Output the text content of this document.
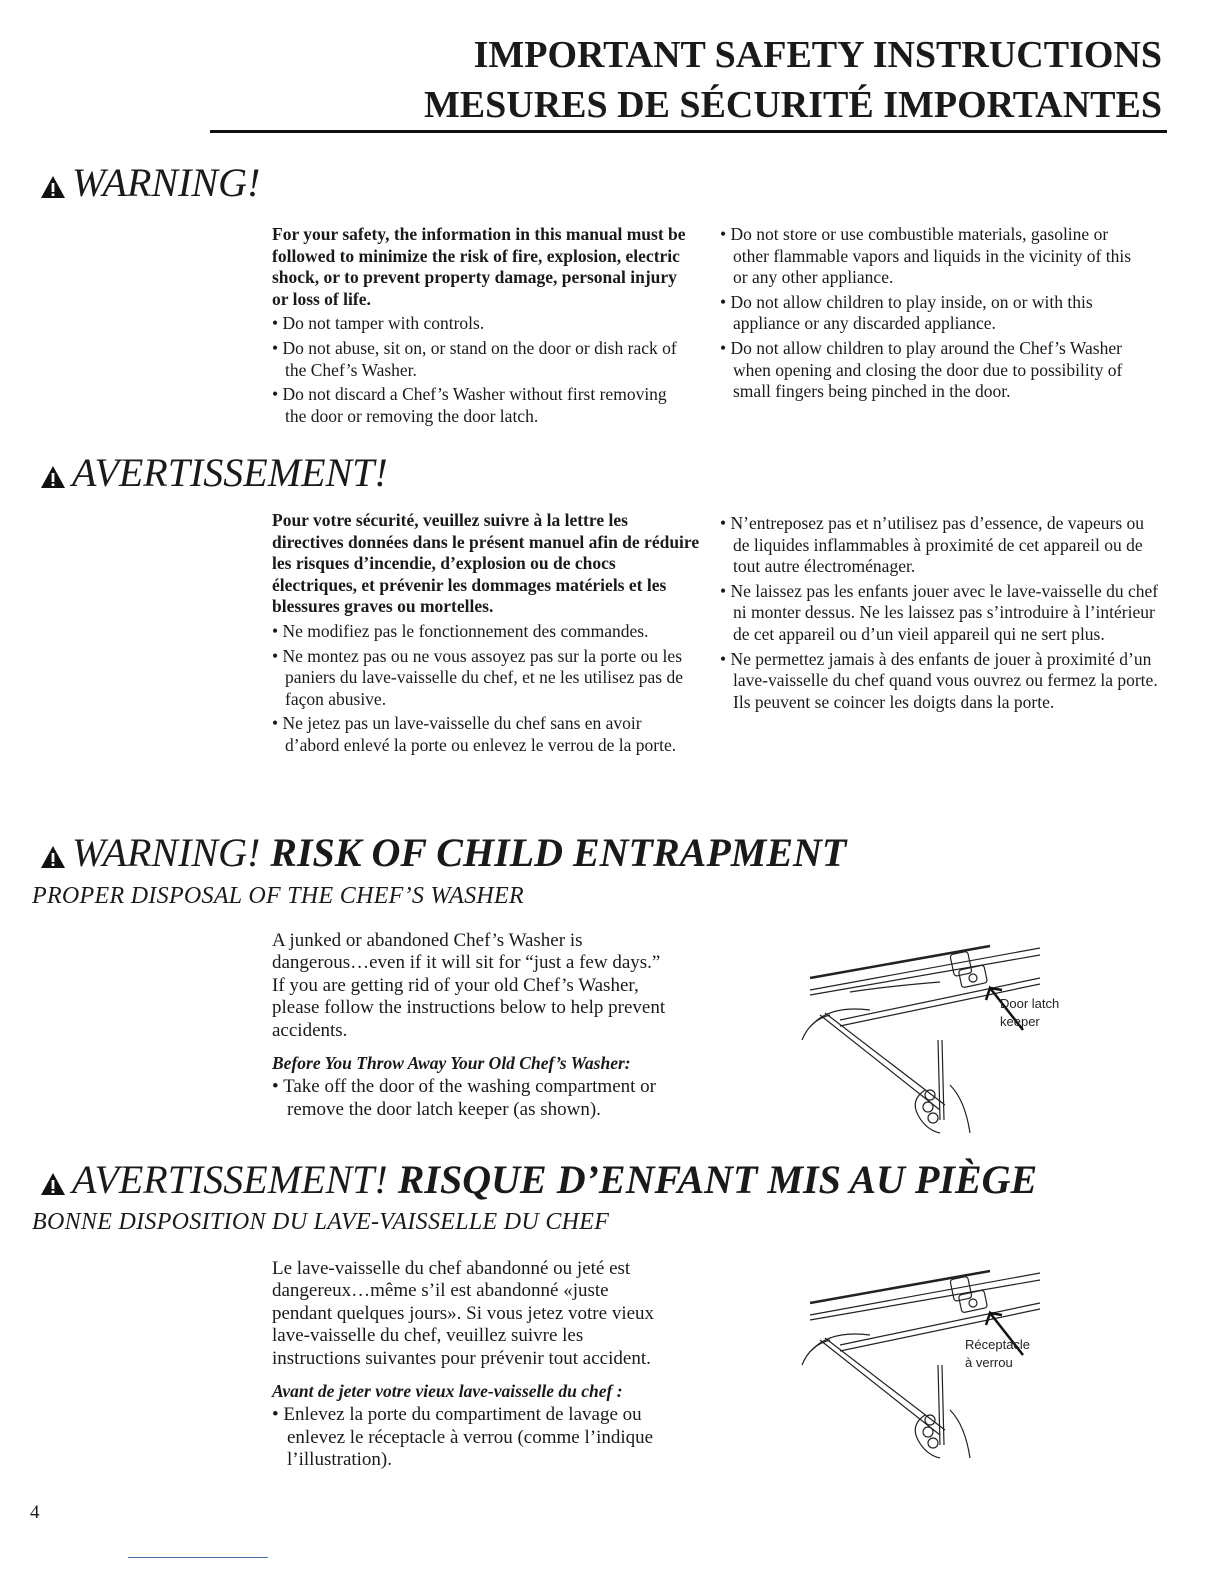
IMPORTANT SAFETY INSTRUCTIONS
MESURES DE SÉCURITÉ IMPORTANTES
WARNING!

For your safety, the information in this manual must be followed to minimize the risk of fire, explosion, electric shock, or to prevent property damage, personal injury or loss of life.

• Do not tamper with controls.
• Do not abuse, sit on, or stand on the door or dish rack of the Chef’s Washer.
• Do not discard a Chef’s Washer without first removing the door or removing the door latch.
• Do not store or use combustible materials, gasoline or other flammable vapors and liquids in the vicinity of this or any other appliance.
• Do not allow children to play inside, on or with this appliance or any discarded appliance.
• Do not allow children to play around the Chef’s Washer when opening and closing the door due to possibility of small fingers being pinched in the door.
AVERTISSEMENT!

Pour votre sécurité, veuillez suivre à la lettre les directives données dans le présent manuel afin de réduire les risques d’incendie, d’explosion ou de chocs électriques, et prévenir les dommages matériels et les blessures graves ou mortelles.

• Ne modifiez pas le fonctionnement des commandes.
• Ne montez pas ou ne vous assoyez pas sur la porte ou les paniers du lave-vaisselle du chef, et ne les utilisez pas de façon abusive.
• Ne jetez pas un lave-vaisselle du chef sans en avoir d’abord enlevé la porte ou enlevez le verrou de la porte.
• N’entreposez pas et n’utilisez pas d’essence, de vapeurs ou de liquides inflammables à proximité de cet appareil ou de tout autre électroménager.
• Ne laissez pas les enfants jouer avec le lave-vaisselle du chef ni monter dessus. Ne les laissez pas s’introduire à l’intérieur de cet appareil ou d’un vieil appareil qui ne sert plus.
• Ne permettez jamais à des enfants de jouer à proximité d’un lave-vaisselle du chef quand vous ouvrez ou fermez la porte. Ils peuvent se coincer les doigts dans la porte.
WARNING!
RISK OF CHILD ENTRAPMENT
PROPER DISPOSAL OF THE CHEF’S WASHER

A junked or abandoned Chef’s Washer is dangerous…even if it will sit for “just a few days.” If you are getting rid of your old Chef’s Washer, please follow the instructions below to help prevent accidents.

Before You Throw Away Your Old Chef’s Washer:

• Take off the door of the washing compartment or remove the door latch keeper (as shown).
Door latch
keeper
AVERTISSEMENT!
RISQUE D’ENFANT MIS AU PIÈGE
BONNE DISPOSITION DU LAVE-VAISSELLE DU CHEF

Le lave-vaisselle du chef abandonné ou jeté est dangereux…même s’il est abandonné «juste pendant quelques jours». Si vous jetez votre vieux lave-vaisselle du chef, veuillez suivre les instructions suivantes pour prévenir tout accident.

Avant de jeter votre vieux lave-vaisselle du chef :

• Enlevez la porte du compartiment de lavage ou enlevez le réceptacle à verrou (comme l’indique l’illustration).
Réceptacle
à verrou
4
